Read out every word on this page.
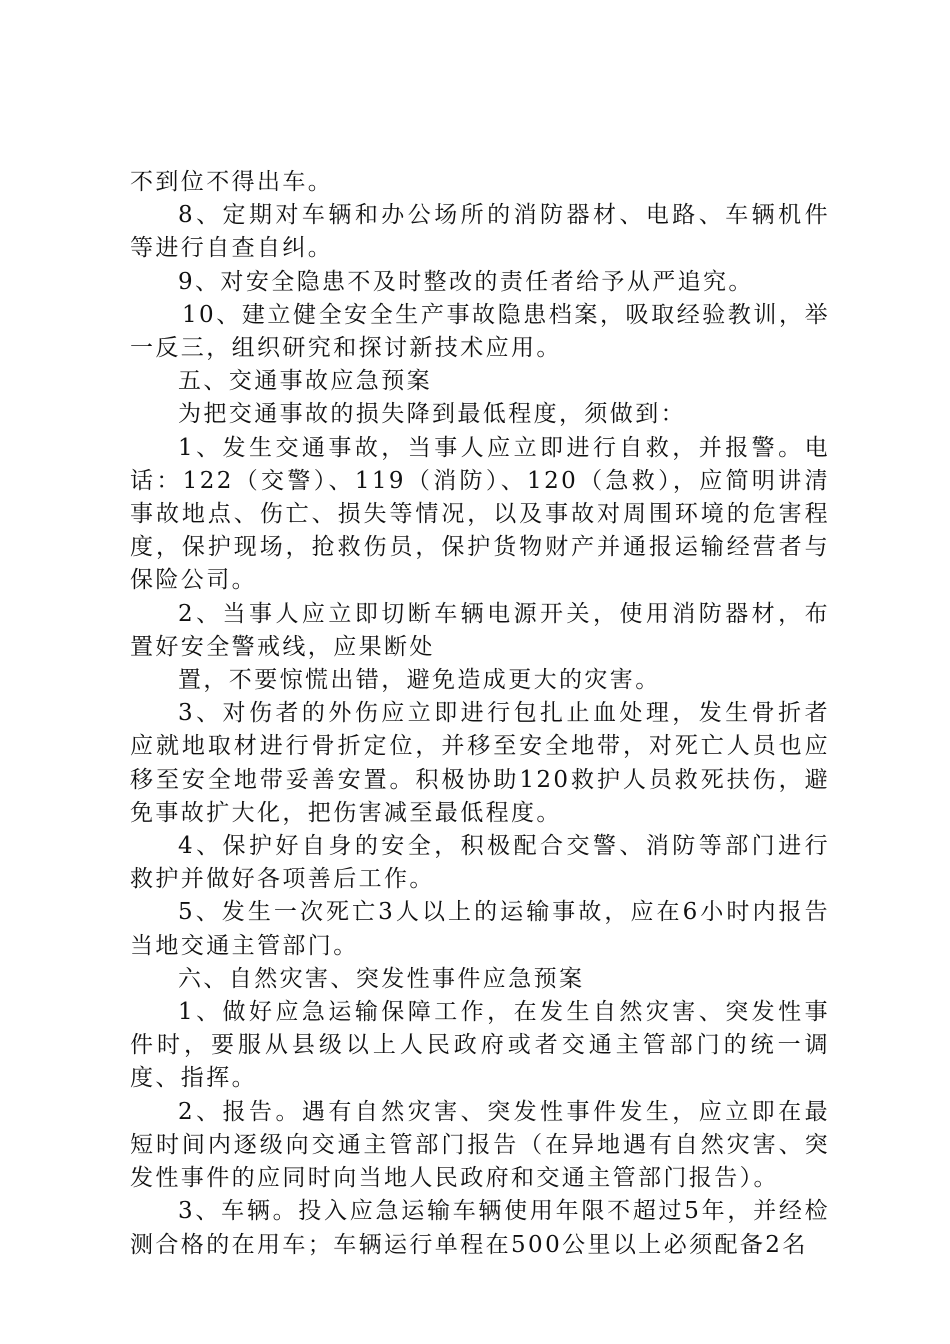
不到位不得出车。

8、定期对车辆和办公场所的消防器材、电路、车辆机件等进行自查自纠。

9、对安全隐患不及时整改的责任者给予从严追究。

10、建立健全安全生产事故隐患档案，吸取经验教训，举一反三，组织研究和探讨新技术应用。

五、交通事故应急预案

为把交通事故的损失降到最低程度，须做到：

1、发生交通事故，当事人应立即进行自救，并报警。电话：122（交警）、119（消防）、120（急救），应简明讲清事故地点、伤亡、损失等情况，以及事故对周围环境的危害程度，保护现场，抢救伤员，保护货物财产并通报运输经营者与保险公司。

2、当事人应立即切断车辆电源开关，使用消防器材，布置好安全警戒线，应果断处

置，不要惊慌出错，避免造成更大的灾害。

3、对伤者的外伤应立即进行包扎止血处理，发生骨折者应就地取材进行骨折定位，并移至安全地带，对死亡人员也应移至安全地带妥善安置。积极协助120救护人员救死扶伤，避免事故扩大化，把伤害减至最低程度。

4、保护好自身的安全，积极配合交警、消防等部门进行救护并做好各项善后工作。

5、发生一次死亡3人以上的运输事故，应在6小时内报告当地交通主管部门。

六、自然灾害、突发性事件应急预案

1、做好应急运输保障工作，在发生自然灾害、突发性事件时，要服从县级以上人民政府或者交通主管部门的统一调度、指挥。

2、报告。遇有自然灾害、突发性事件发生，应立即在最短时间内逐级向交通主管部门报告（在异地遇有自然灾害、突发性事件的应同时向当地人民政府和交通主管部门报告）。

3、车辆。投入应急运输车辆使用年限不超过5年，并经检测合格的在用车；车辆运行单程在500公里以上必须配备2名
